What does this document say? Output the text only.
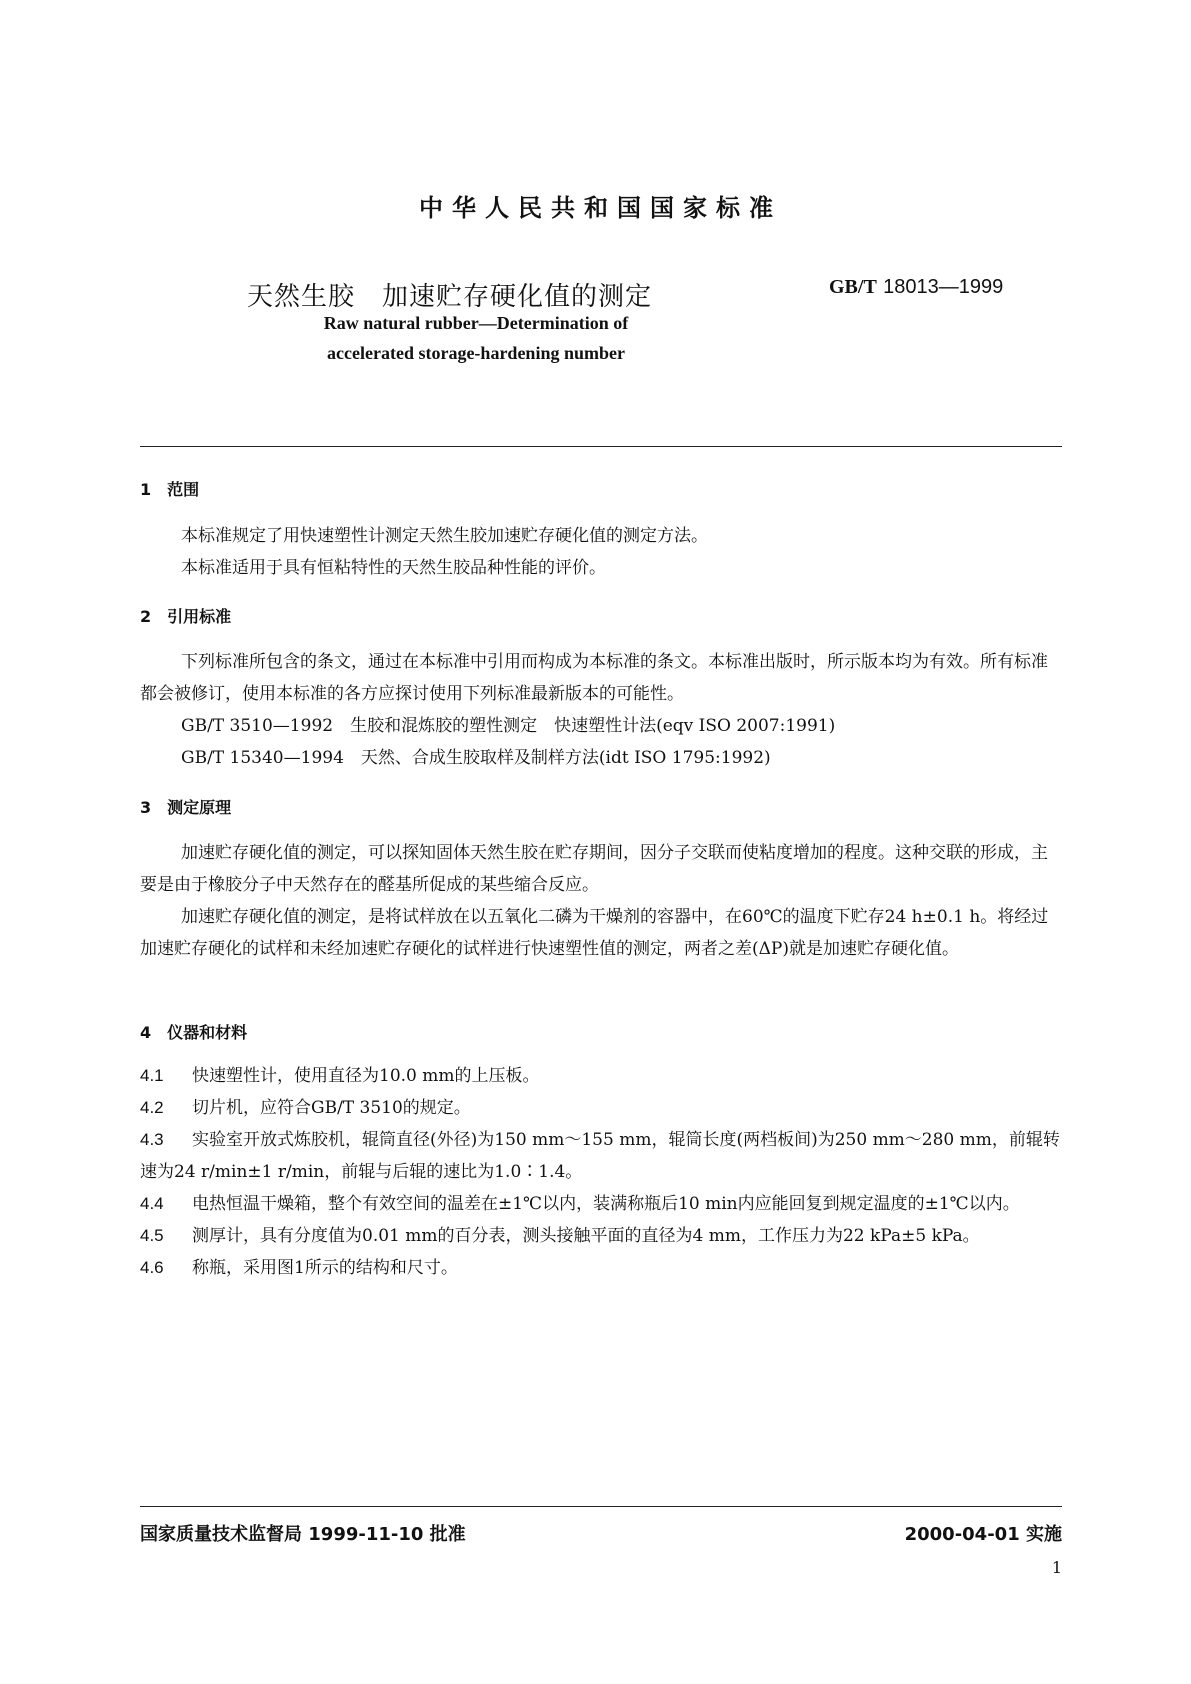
中华人民共和国国家标准
天然生胶　加速贮存硬化值的测定	GB/T 18013—1999
Raw natural rubber—Determination of
accelerated storage-hardening number
1　范围

本标准规定了用快速塑性计测定天然生胶加速贮存硬化值的测定方法。

本标准适用于具有恒粘特性的天然生胶品种性能的评价。

2　引用标准

下列标准所包含的条文，通过在本标准中引用而构成为本标准的条文。本标准出版时，所示版本均为有效。所有标准都会被修订，使用本标准的各方应探讨使用下列标准最新版本的可能性。

GB/T 3510—1992　生胶和混炼胶的塑性测定　快速塑性计法(eqv ISO 2007:1991)

GB/T 15340—1994　天然、合成生胶取样及制样方法(idt ISO 1795:1992)

3　测定原理

加速贮存硬化值的测定，可以探知固体天然生胶在贮存期间，因分子交联而使粘度增加的程度。这种交联的形成，主要是由于橡胶分子中天然存在的醛基所促成的某些缩合反应。

加速贮存硬化值的测定，是将试样放在以五氧化二磷为干燥剂的容器中，在60℃的温度下贮存24 h±0.1 h。将经过加速贮存硬化的试样和未经加速贮存硬化的试样进行快速塑性值的测定，两者之差(ΔP)就是加速贮存硬化值。

4　仪器和材料

4.1 快速塑性计，使用直径为10.0 mm的上压板。

4.2 切片机，应符合GB/T 3510的规定。

4.3 实验室开放式炼胶机，辊筒直径(外径)为150 mm～155 mm，辊筒长度(两档板间)为250 mm～280 mm，前辊转速为24 r/min±1 r/min，前辊与后辊的速比为1.0∶1.4。

4.4 电热恒温干燥箱，整个有效空间的温差在±1℃以内，装满称瓶后10 min内应能回复到规定温度的±1℃以内。

4.5 测厚计，具有分度值为0.01 mm的百分表，测头接触平面的直径为4 mm，工作压力为22 kPa±5 kPa。

4.6 称瓶，采用图1所示的结构和尺寸。

国家质量技术监督局 1999-11-10 批准	2000-04-01 实施
1
